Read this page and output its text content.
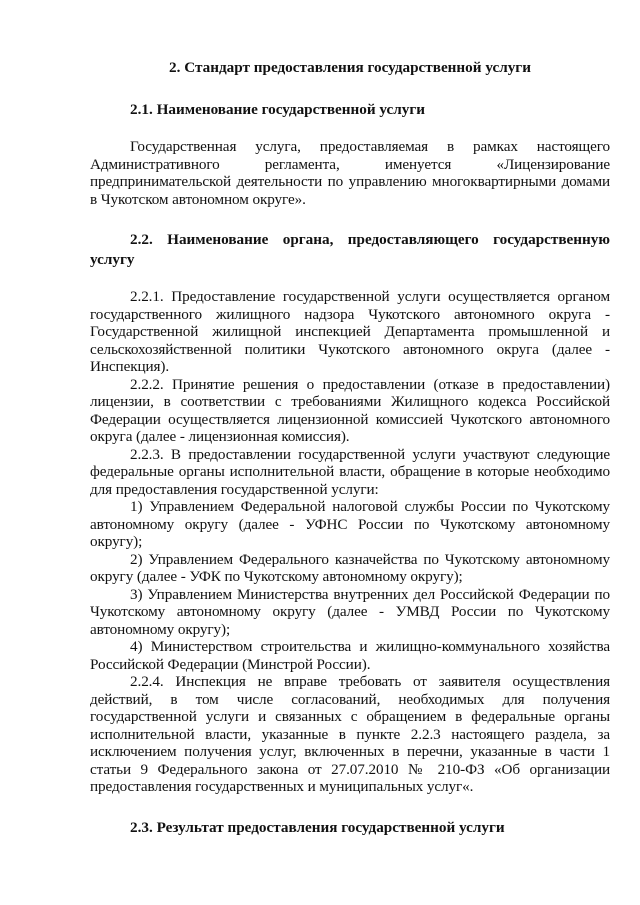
2. Стандарт предоставления государственной услуги

2.1. Наименование государственной услуги

Государственная услуга, предоставляемая в рамках настоящего Административного регламента, именуется «Лицензирование предпринимательской деятельности по управлению многоквартирными домами в Чукотском автономном округе».

2.2. Наименование органа, предоставляющего государственную услугу

2.2.1. Предоставление государственной услуги осуществляется органом государственного жилищного надзора Чукотского автономного округа - Государственной жилищной инспекцией Департамента промышленной и сельскохозяйственной политики Чукотского автономного округа (далее - Инспекция).

2.2.2. Принятие решения о предоставлении (отказе в предоставлении) лицензии, в соответствии с требованиями Жилищного кодекса Российской Федерации осуществляется лицензионной комиссией Чукотского автономного округа (далее - лицензионная комиссия).

2.2.3. В предоставлении государственной услуги участвуют следующие федеральные органы исполнительной власти, обращение в которые необходимо для предоставления государственной услуги:

1) Управлением Федеральной налоговой службы России по Чукотскому автономному округу (далее - УФНС России по Чукотскому автономному округу);

2) Управлением Федерального казначейства по Чукотскому автономному округу (далее - УФК по Чукотскому автономному округу);

3) Управлением Министерства внутренних дел Российской Федерации по Чукотскому автономному округу (далее - УМВД России по Чукотскому автономному округу);

4) Министерством строительства и жилищно-коммунального хозяйства Российской Федерации (Минстрой России).

2.2.4. Инспекция не вправе требовать от заявителя осуществления действий, в том числе согласований, необходимых для получения государственной услуги и связанных с обращением в федеральные органы исполнительной власти, указанные в пункте 2.2.3 настоящего раздела, за исключением получения услуг, включенных в перечни, указанные в части 1 статьи 9 Федерального закона от 27.07.2010 № 210-ФЗ «Об организации предоставления государственных и муниципальных услуг«.

2.3. Результат предоставления государственной услуги
